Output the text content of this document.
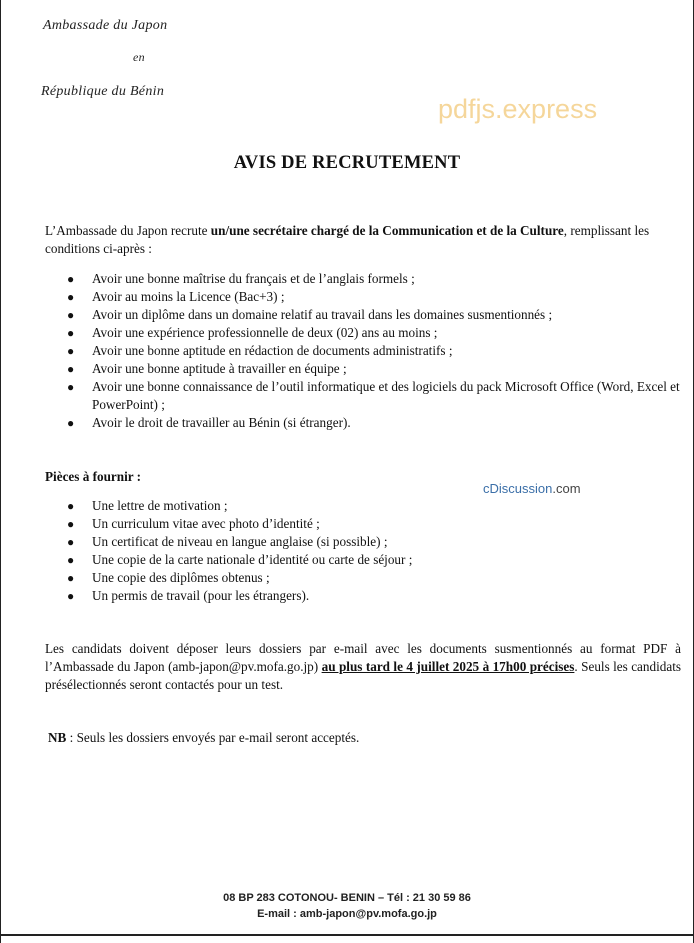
Ambassade du Japon
en
République du Bénin
pdfjs.express
AVIS DE RECRUTEMENT
L’Ambassade du Japon recrute un/une secrétaire chargé de la Communication et de la Culture, remplissant les conditions ci-après :
● Avoir une bonne maîtrise du français et de l’anglais formels ;
● Avoir au moins la Licence (Bac+3) ;
● Avoir un diplôme dans un domaine relatif au travail dans les domaines susmentionnés ;
● Avoir une expérience professionnelle de deux (02) ans au moins ;
● Avoir une bonne aptitude en rédaction de documents administratifs ;
● Avoir une bonne aptitude à travailler en équipe ;
● Avoir une bonne connaissance de l’outil informatique et des logiciels du pack Microsoft Office (Word, Excel et PowerPoint) ;
● Avoir le droit de travailler au Bénin (si étranger).
Pièces à fournir :
cDiscussion.com
● Une lettre de motivation ;
● Un curriculum vitae avec photo d’identité ;
● Un certificat de niveau en langue anglaise (si possible) ;
● Une copie de la carte nationale d’identité ou carte de séjour ;
● Une copie des diplômes obtenus ;
● Un permis de travail (pour les étrangers).
Les candidats doivent déposer leurs dossiers par e-mail avec les documents susmentionnés au format PDF à l’Ambassade du Japon (amb-japon@pv.mofa.go.jp) au plus tard le 4 juillet 2025 à 17h00 précises. Seuls les candidats présélectionnés seront contactés pour un test.
NB : Seuls les dossiers envoyés par e-mail seront acceptés.
08 BP 283 COTONOU- BENIN – Tél : 21 30 59 86
E-mail : amb-japon@pv.mofa.go.jp
